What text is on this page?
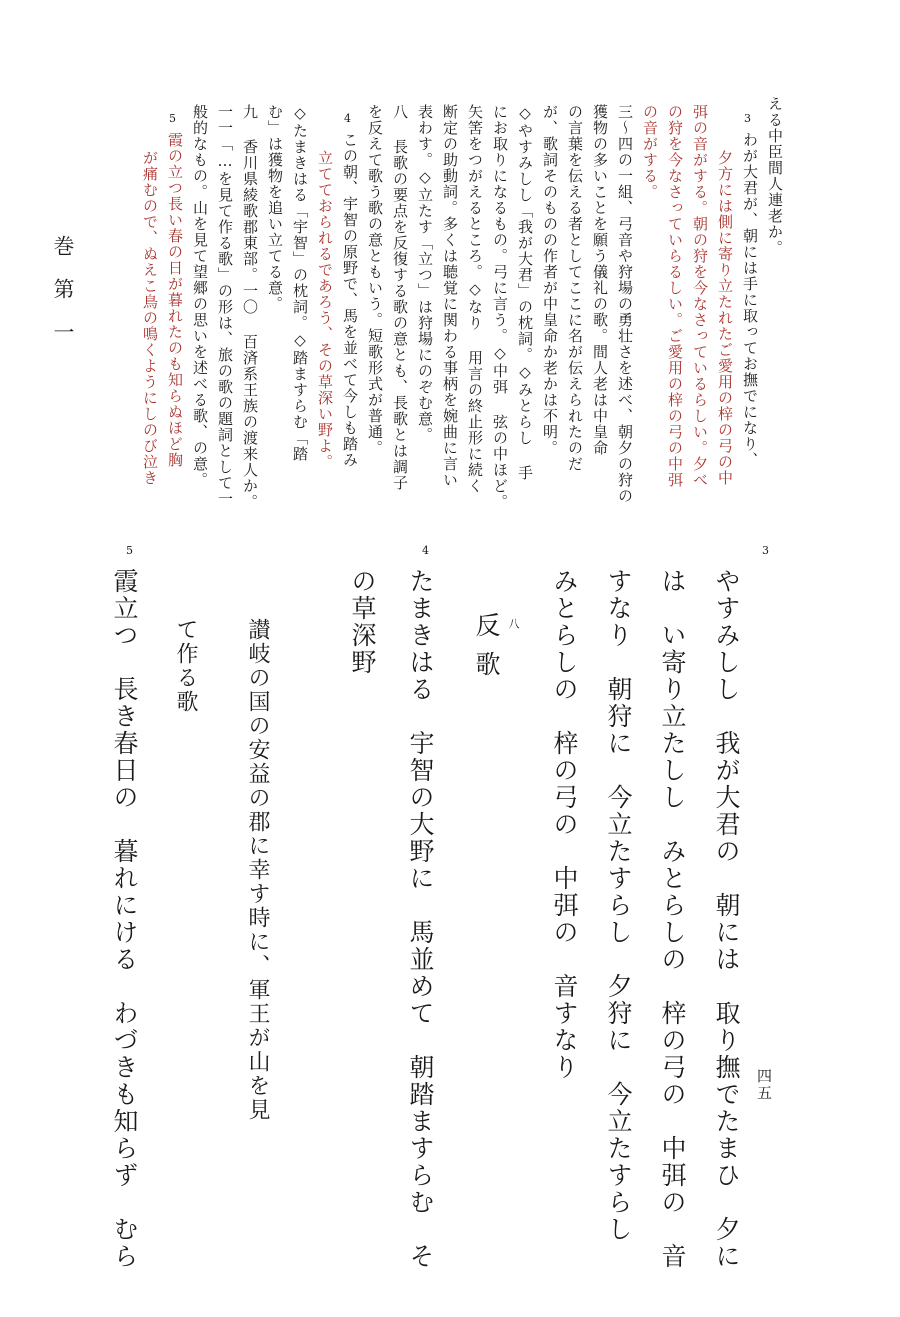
える中臣間人連老か。
3
わが大君が、朝には手に取ってお撫でになり、
夕方には側に寄り立たれたご愛用の梓の弓の中
弭の音がする。朝の狩を今なさっているらしい。夕べ
の狩を今なさっていらるしい。ご愛用の梓の弓の中弭
の音がする。
三〜四の一組、弓音や狩場の勇壮さを述べ、朝夕の狩の
獲物の多いことを願う儀礼の歌。間人老は中皇命
の言葉を伝える者としてここに名が伝えられたのだ
が、歌詞そのものの作者が中皇命か老かは不明。
◇やすみしし「我が大君」の枕詞。◇みとらし 手
にお取りになるもの。弓に言う。◇中弭 弦の中ほど。
矢筈をつがえるところ。◇なり 用言の終止形に続く
断定の助動詞。多くは聴覚に関わる事柄を婉曲に言い
表わす。◇立たす「立つ」は狩場にのぞむ意。
八 長歌の要点を反復する歌の意とも、長歌とは調子
を反えて歌う歌の意ともいう。短歌形式が普通。
4
この朝、宇智の原野で、馬を並べて今しも踏み
立てておられるであろう、その草深い野よ。
◇たまきはる「宇智」の枕詞。◇踏ますらむ「踏
む」は獲物を追い立てる意。
九 香川県綾歌郡東部。一〇 百済系王族の渡来人か。
一一「…を見て作る歌」の形は、旅の歌の題詞として一
般的なもの。山を見て望郷の思いを述べる歌、の意。
5
霞の立つ長い春の日が暮れたのも知らぬほど胸
が痛むので、ぬえこ鳥の鳴くようにしのび泣き
巻第一
3
やすみしし　我が大君の　朝には　取り撫でたまひ　夕に
は　い寄り立たしし　みとらしの　梓の弓の　中弭の　音
すなり　朝狩に　今立たすらし　夕狩に　今立たすらし
みとらしの　梓の弓の　中弭の　音すなり
八
反歌
4
たまきはる　宇智の大野に　馬並めて　朝踏ますらむ　そ
の草深野
讃岐の国の安益の郡に幸す時に、軍王が山を見
て作る歌
5
霞立つ　長き春日の　暮れにける　わづきも知らず　むら	四五
